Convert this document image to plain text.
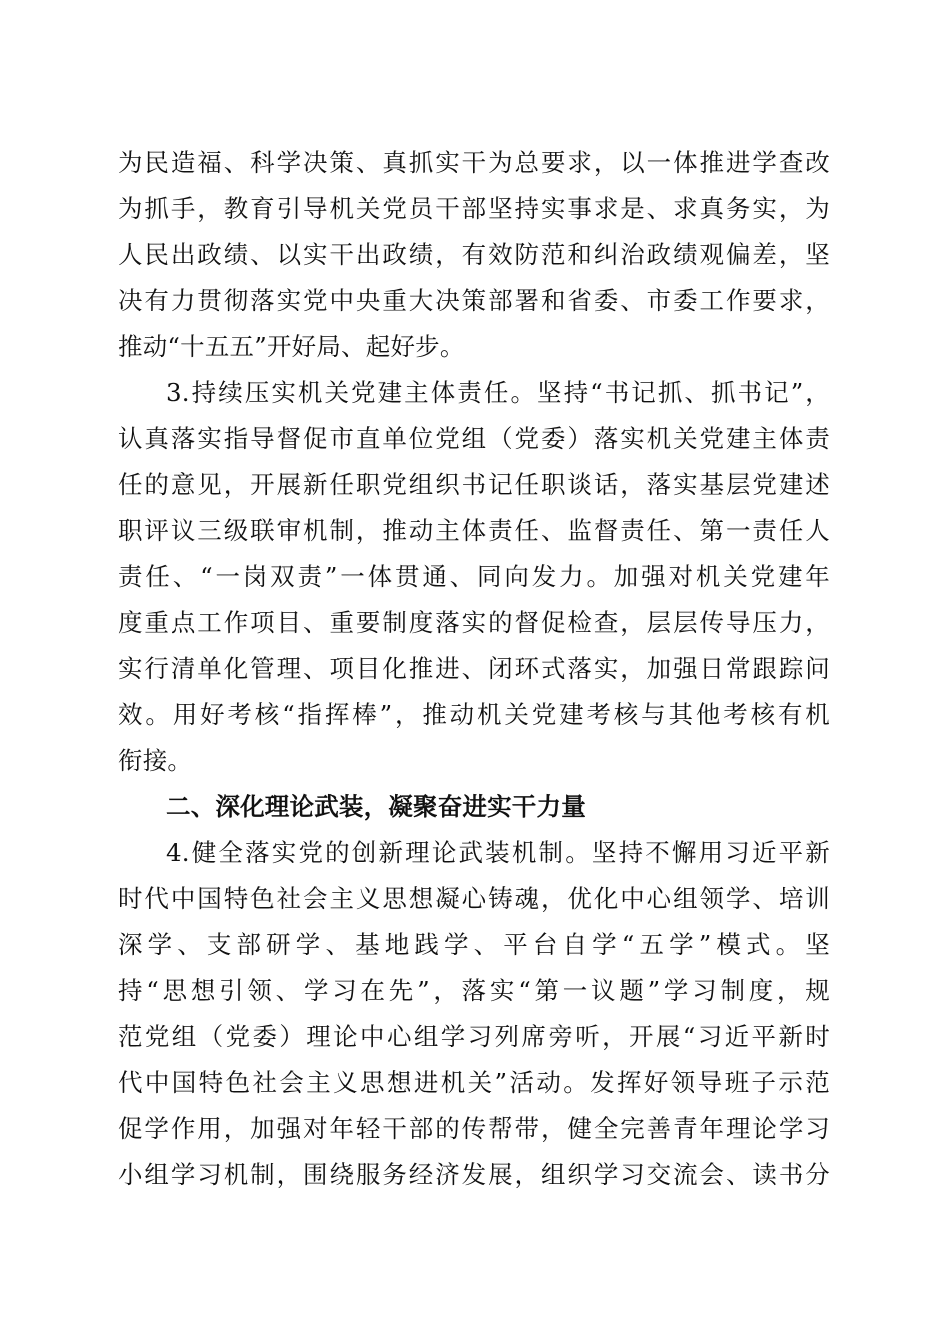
为民造福、科学决策、真抓实干为总要求，以一体推进学查改
为抓手，教育引导机关党员干部坚持实事求是、求真务实，为
人民出政绩、以实干出政绩，有效防范和纠治政绩观偏差，坚
决有力贯彻落实党中央重大决策部署和省委、市委工作要求，
推动“十五五”开好局、起好步。
3.持续压实机关党建主体责任。坚持“书记抓、抓书记”，
认真落实指导督促市直单位党组（党委）落实机关党建主体责
任的意见，开展新任职党组织书记任职谈话，落实基层党建述
职评议三级联审机制，推动主体责任、监督责任、第一责任人
责任、“一岗双责”一体贯通、同向发力。加强对机关党建年
度重点工作项目、重要制度落实的督促检查，层层传导压力，
实行清单化管理、项目化推进、闭环式落实，加强日常跟踪问
效。用好考核“指挥棒”，推动机关党建考核与其他考核有机
衔接。
二、深化理论武装，凝聚奋进实干力量
4.健全落实党的创新理论武装机制。坚持不懈用习近平新
时代中国特色社会主义思想凝心铸魂，优化中心组领学、培训
深学、支部研学、基地践学、平台自学“五学”模式。坚
持“思想引领、学习在先”，落实“第一议题”学习制度，规
范党组（党委）理论中心组学习列席旁听，开展“习近平新时
代中国特色社会主义思想进机关”活动。发挥好领导班子示范
促学作用，加强对年轻干部的传帮带，健全完善青年理论学习
小组学习机制，围绕服务经济发展，组织学习交流会、读书分
